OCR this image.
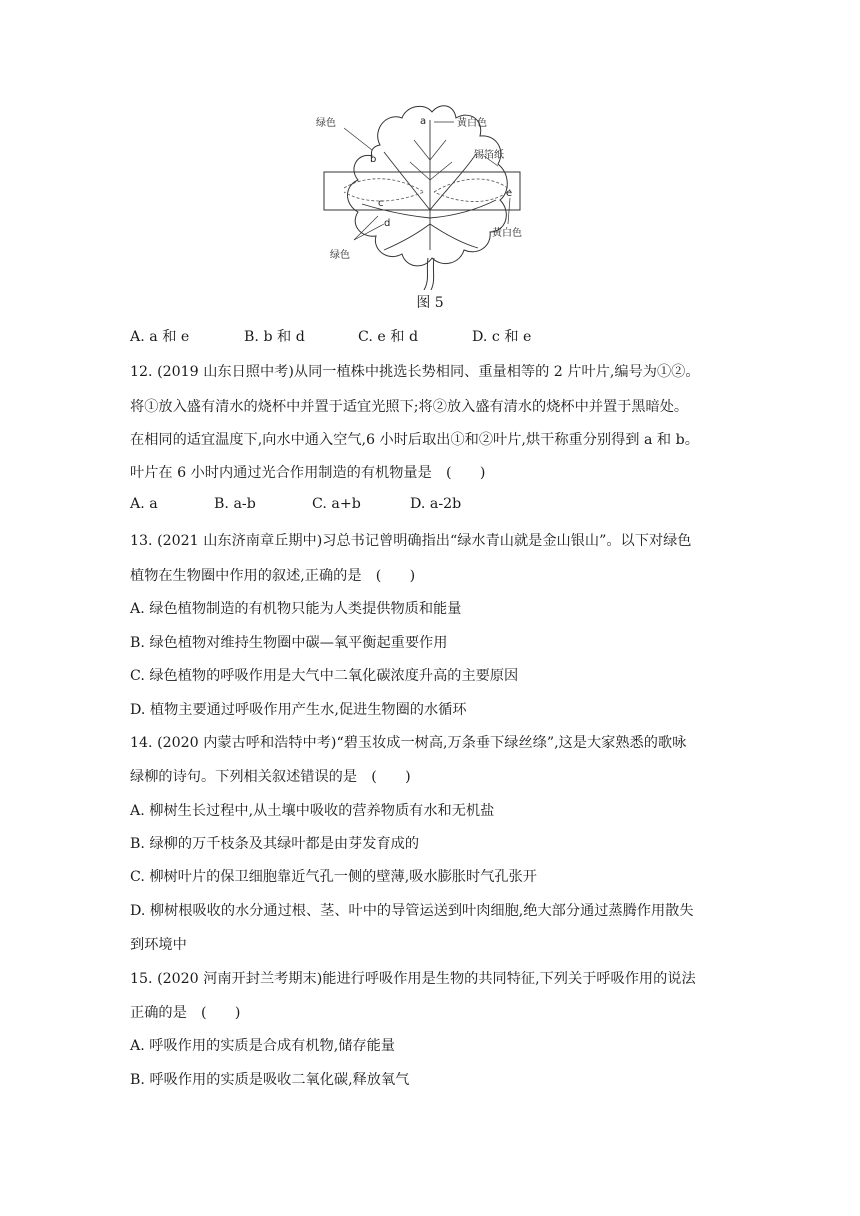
绿色	a	黄白色
b	锡箔纸
e
c
d
黄白色
绿色
图 5
A. a 和 e	B. b 和 d	C. e 和 d	D. c 和 e
12. (2019 山东日照中考)从同一植株中挑选长势相同、重量相等的 2 片叶片,编号为①②。
将①放入盛有清水的烧杯中并置于适宜光照下;将②放入盛有清水的烧杯中并置于黑暗处。
在相同的适宜温度下,向水中通入空气,6 小时后取出①和②叶片,烘干称重分别得到 a 和 b。
叶片在 6 小时内通过光合作用制造的有机物量是　(　　)
A. a	B. a-b	C. a+b	D. a-2b
13. (2021 山东济南章丘期中)习总书记曾明确指出“绿水青山就是金山银山”。以下对绿色
植物在生物圈中作用的叙述,正确的是　(　　)
A. 绿色植物制造的有机物只能为人类提供物质和能量
B. 绿色植物对维持生物圈中碳—氧平衡起重要作用
C. 绿色植物的呼吸作用是大气中二氧化碳浓度升高的主要原因
D. 植物主要通过呼吸作用产生水,促进生物圈的水循环
14. (2020 内蒙古呼和浩特中考)“碧玉妆成一树高,万条垂下绿丝绦”,这是大家熟悉的歌咏
绿柳的诗句。下列相关叙述错误的是　(　　)
A. 柳树生长过程中,从土壤中吸收的营养物质有水和无机盐
B. 绿柳的万千枝条及其绿叶都是由芽发育成的
C. 柳树叶片的保卫细胞靠近气孔一侧的壁薄,吸水膨胀时气孔张开
D. 柳树根吸收的水分通过根、茎、叶中的导管运送到叶肉细胞,绝大部分通过蒸腾作用散失
到环境中
15. (2020 河南开封兰考期末)能进行呼吸作用是生物的共同特征,下列关于呼吸作用的说法
正确的是　(　　)
A. 呼吸作用的实质是合成有机物,储存能量
B. 呼吸作用的实质是吸收二氧化碳,释放氧气
